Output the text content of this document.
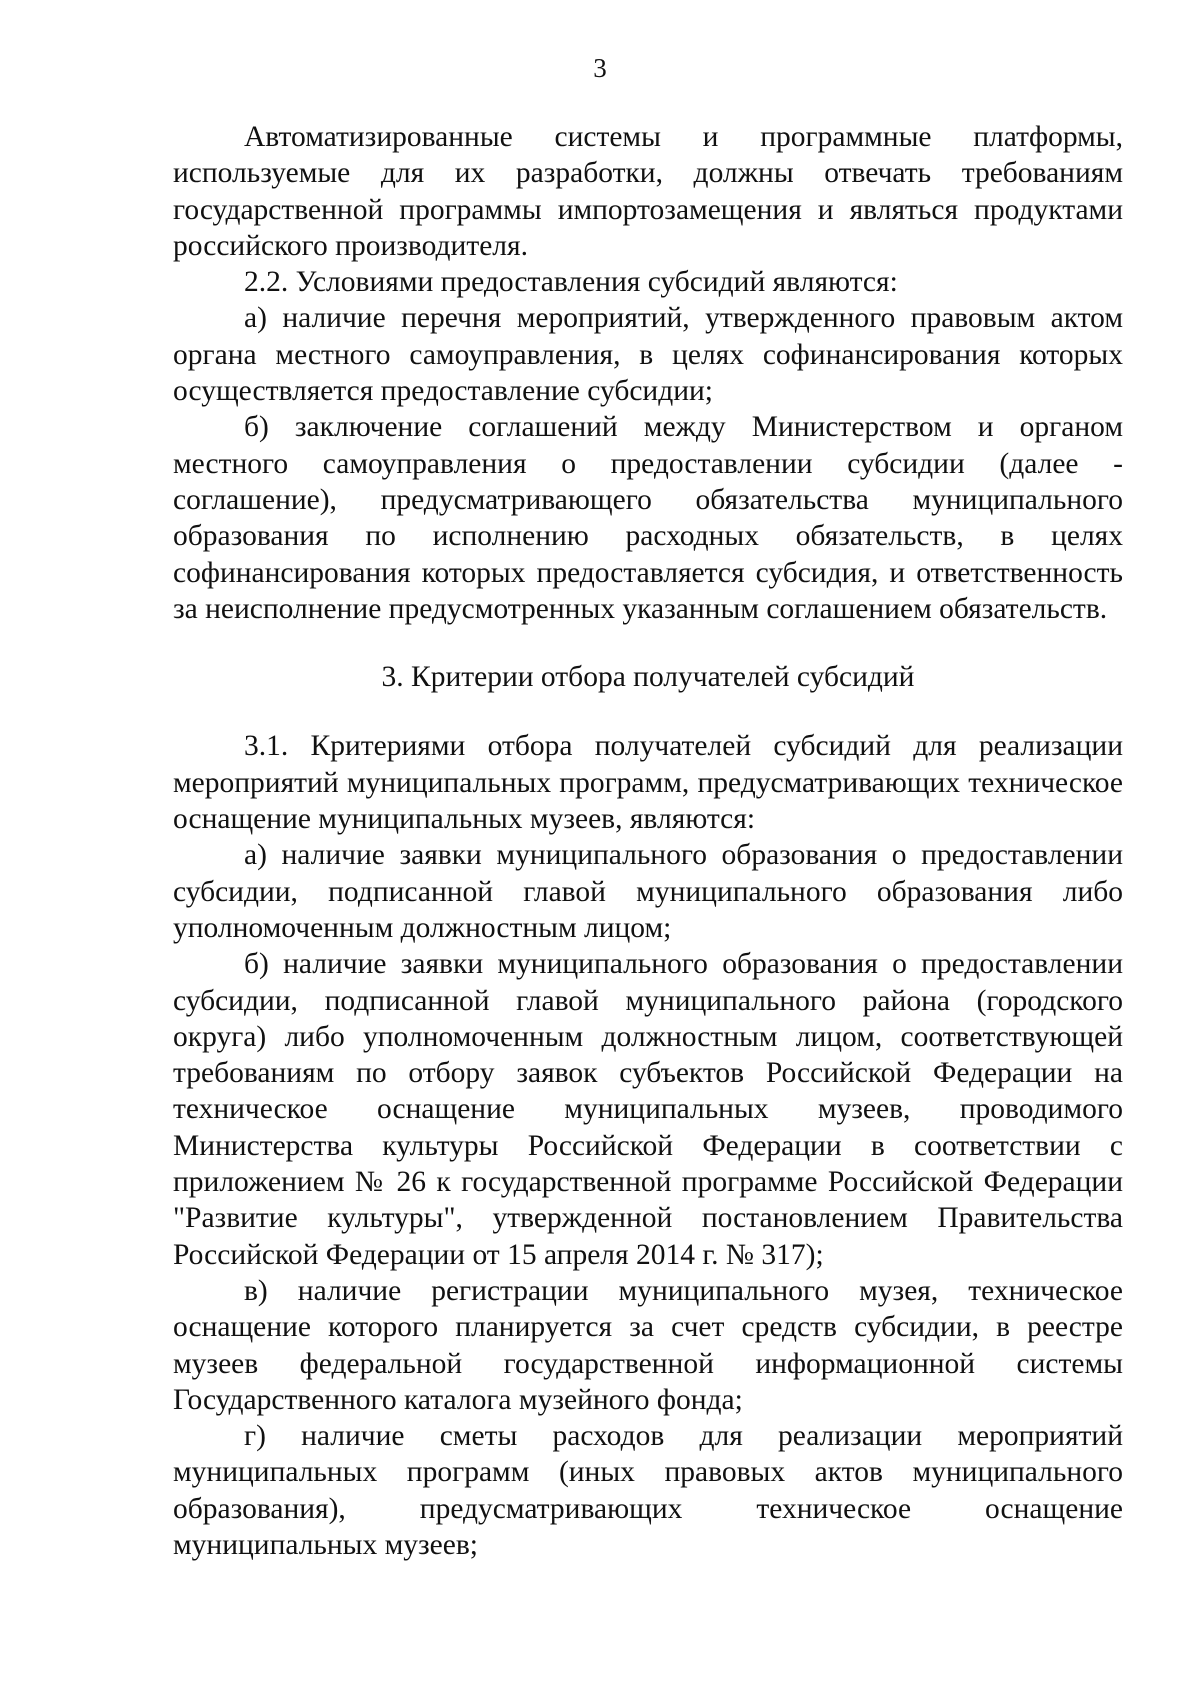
3

Автоматизированные системы и программные платформы, используемые для их разработки, должны отвечать требованиям государственной программы импортозамещения и являться продуктами российского производителя.

2.2. Условиями предоставления субсидий являются:

а) наличие перечня мероприятий, утвержденного правовым актом органа местного самоуправления, в целях софинансирования которых осуществляется предоставление субсидии;

б) заключение соглашений между Министерством и органом местного самоуправления о предоставлении субсидии (далее - соглашение), предусматривающего обязательства муниципального образования по исполнению расходных обязательств, в целях софинансирования которых предоставляется субсидия, и ответственность за неисполнение предусмотренных указанным соглашением обязательств.

3. Критерии отбора получателей субсидий

3.1. Критериями отбора получателей субсидий для реализации мероприятий муниципальных программ, предусматривающих техническое оснащение муниципальных музеев, являются:

а) наличие заявки муниципального образования о предоставлении субсидии, подписанной главой муниципального образования либо уполномоченным должностным лицом;

б) наличие заявки муниципального образования о предоставлении субсидии, подписанной главой муниципального района (городского округа) либо уполномоченным должностным лицом, соответствующей требованиям по отбору заявок субъектов Российской Федерации на техническое оснащение муниципальных музеев, проводимого Министерства культуры Российской Федерации в соответствии с приложением № 26 к государственной программе Российской Федерации "Развитие культуры", утвержденной постановлением Правительства Российской Федерации от 15 апреля 2014 г. № 317);

в) наличие регистрации муниципального музея, техническое оснащение которого планируется за счет средств субсидии, в реестре музеев федеральной государственной информационной системы Государственного каталога музейного фонда;

г) наличие сметы расходов для реализации мероприятий муниципальных программ (иных правовых актов муниципального образования), предусматривающих техническое оснащение муниципальных музеев;
